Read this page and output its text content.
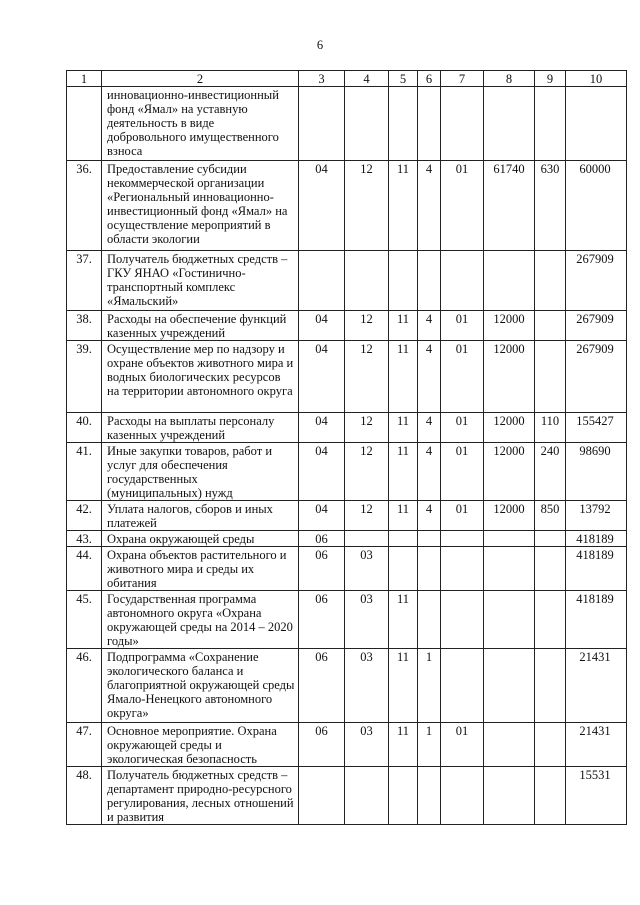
6
1	2	3	4	5	6	7	8	9	10
	инновационно-инвестиционный фонд «Ямал» на уставную деятельность в виде добровольного имущественного взноса								
36.	Предоставление субсидии некоммерческой организации «Региональный инновационно-инвестиционный фонд «Ямал» на осуществление мероприятий в области экологии	04	12	11	4	01	61740	630	60000
37.	Получатель бюджетных средств – ГКУ ЯНАО «Гостинично-транспортный комплекс «Ямальский»								267909
38.	Расходы на обеспечение функций казенных учреждений	04	12	11	4	01	12000		267909
39.	Осуществление мер по надзору и охране объектов животного мира и водных биологических ресурсов на территории автономного округа	04	12	11	4	01	12000		267909
40.	Расходы на выплаты персоналу казенных учреждений	04	12	11	4	01	12000	110	155427
41.	Иные закупки товаров, работ и услуг для обеспечения государственных (муниципальных) нужд	04	12	11	4	01	12000	240	98690
42.	Уплата налогов, сборов и иных платежей	04	12	11	4	01	12000	850	13792
43.	Охрана окружающей среды	06							418189
44.	Охрана объектов растительного и животного мира и среды их обитания	06	03						418189
45.	Государственная программа автономного округа «Охрана окружающей среды на 2014 – 2020 годы»	06	03	11					418189
46.	Подпрограмма «Сохранение экологического баланса и благоприятной окружающей среды Ямало-Ненецкого автономного округа»	06	03	11	1				21431
47.	Основное мероприятие. Охрана окружающей среды и экологическая безопасность	06	03	11	1	01			21431
48.	Получатель бюджетных средств – департамент природно-ресурсного регулирования, лесных отношений и развития								15531
